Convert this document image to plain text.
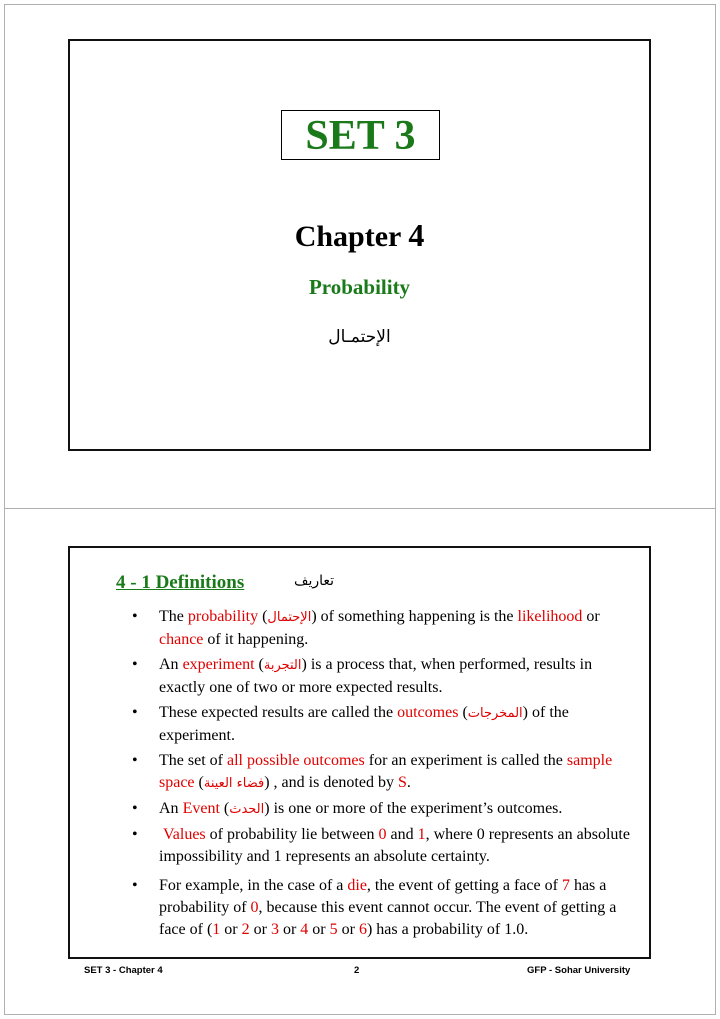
SET 3
Chapter 4
Probability
الإحتمـال
4 - 1 Definitions	تعاريف
• The probability (الإحتمال) of something happening is the likelihood or chance of it happening.
• An experiment (التجربة) is a process that, when performed, results in exactly one of two or more expected results.
• These expected results are called the outcomes (المخرجات) of the experiment.
• The set of all possible outcomes for an experiment is called the sample space (فضاء العينة) , and is denoted by S.
• An Event (الحدث) is one or more of the experiment’s outcomes.
• Values of probability lie between 0 and 1, where 0 represents an absolute impossibility and 1 represents an absolute certainty.
• For example, in the case of a die, the event of getting a face of 7 has a probability of 0, because this event cannot occur. The event of getting a face of (1 or 2 or 3 or 4 or 5 or 6) has a probability of 1.0.
SET 3 - Chapter 4	2	GFP - Sohar University
